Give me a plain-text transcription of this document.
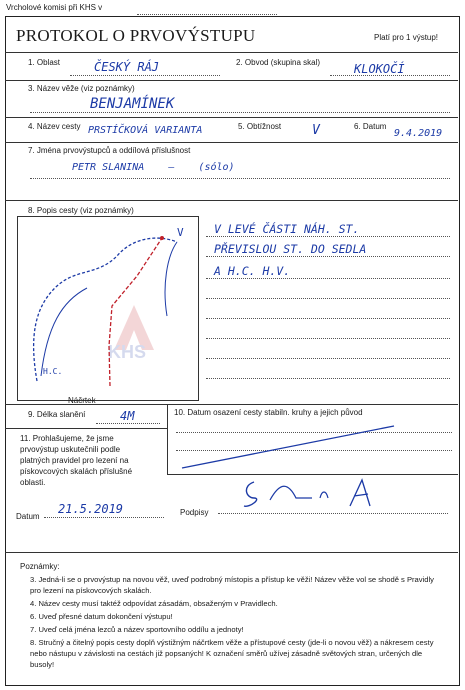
Vrcholové komisi při KHS v
PROTOKOL O PRVOVÝSTUPU	Platí pro 1 výstup!
1. Oblast	ČESKÝ RÁJ	2. Obvod (skupina skal)	KLOKOČÍ
3. Název věže (viz poznámky)
BENJAMÍNEK
4. Název cesty PRSTÍČKOVÁ VARIANTA	5. Obtížnost V	6. Datum
9.4.2019
7. Jména prvovýstupců a oddílová příslušnost
PETR SLANINA    –    (sólo)
8. Popis cesty (viz poznámky)
Náčrtek
KHS
H.C.
V	V LEVÉ ČÁSTI NÁH. ST.
PŘEVISLOU ST. DO SEDLA
A H.C. H.V.
9. Délka slanění	4M	10. Datum osazení cesty stabiln. kruhy a jejich původ
11. Prohlašujeme, že jsme prvovýstup uskutečnili podle platných pravidel pro lezení na pískovcových skalách příslušné oblasti.
Datum
21.5.2019	Podpisy
Poznámky:
3. Jedná-li se o prvovýstup na novou věž, uveď podrobný místopis a přístup ke věži! Název věže vol se shodě s Pravidly pro lezení na pískovcových skalách.
4. Název cesty musí taktéž odpovídat zásadám, obsaženým v Pravidlech.
6. Uveď přesné datum dokončení výstupu!
7. Uveď celá jména lezců a název sportovního oddílu a jednoty!
8. Stručný a čitelný popis cesty doplň výstižným náčrtkem věže a přístupové cesty (jde-li o novou věž) a nákresem cesty nebo nástupu v závislosti na cestách již popsaných! K označení směrů užívej zásadně světových stran, určených dle busoly!
